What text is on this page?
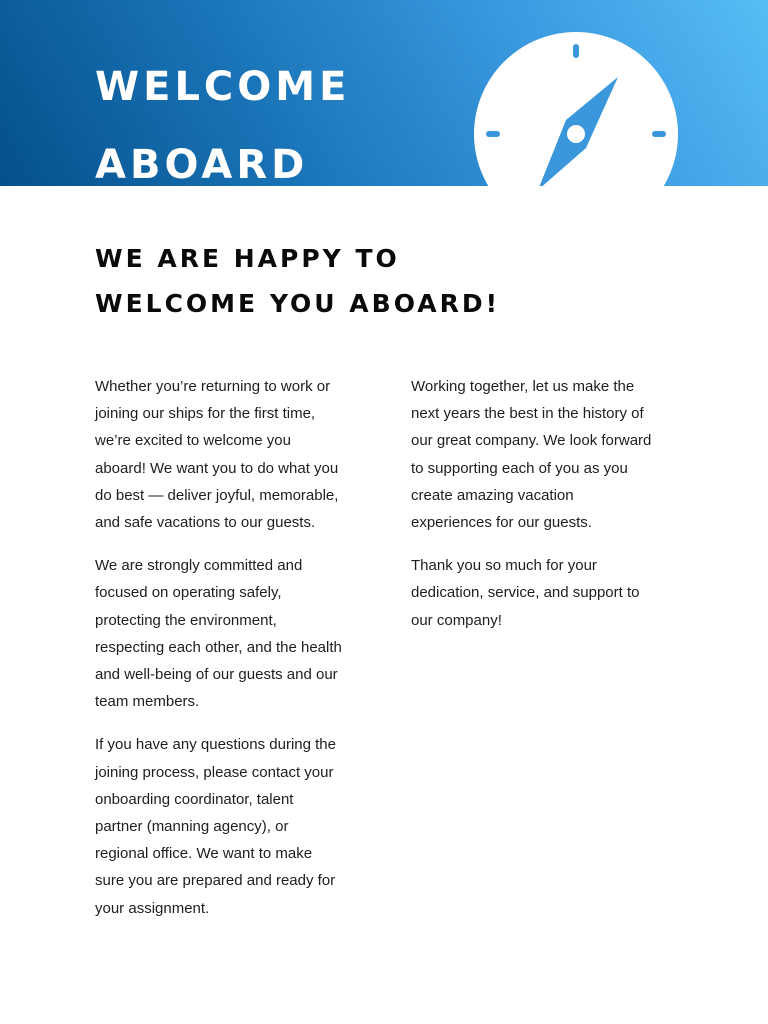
WELCOME
ABOARD
WE ARE HAPPY TO
WELCOME YOU ABOARD!

Whether you’re returning to work or
joining our ships for the first time,
we’re excited to welcome you
aboard! We want you to do what you
do best — deliver joyful, memorable,
and safe vacations to our guests.

We are strongly committed and
focused on operating safely,
protecting the environment,
respecting each other, and the health
and well-being of our guests and our
team members.

If you have any questions during the
joining process, please contact your
onboarding coordinator, talent
partner (manning agency), or
regional office. We want to make
sure you are prepared and ready for
your assignment.

Working together, let us make the
next years the best in the history of
our great company. We look forward
to supporting each of you as you
create amazing vacation
experiences for our guests.

Thank you so much for your
dedication, service, and support to
our company!
